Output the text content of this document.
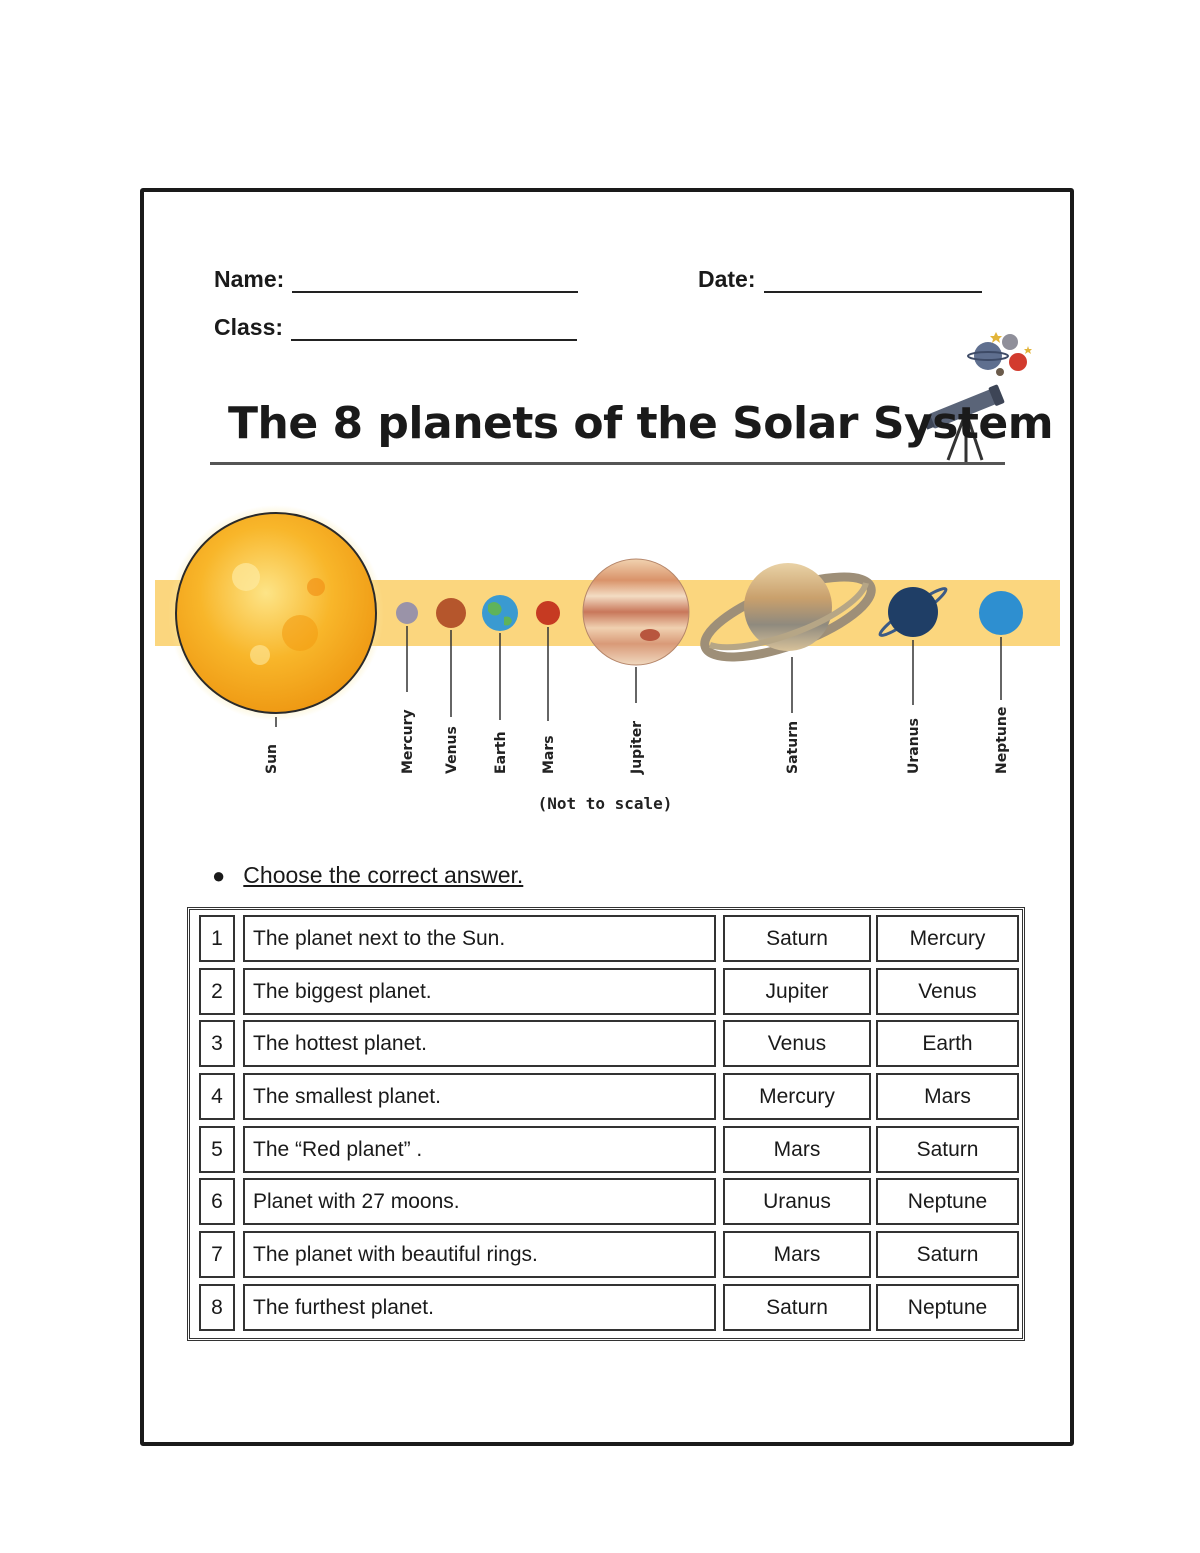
Name:	Date:
Class:
The 8 planets of the Solar System
Sun	Mercury Venus Earth Mars	Jupiter	Saturn	Uranus	Neptune
(Not to scale)
● Choose the correct answer.
1	The planet next to the Sun.	Saturn	Mercury
2	The biggest planet.	Jupiter	Venus
3	The hottest planet.	Venus	Earth
4	The smallest planet.	Mercury	Mars
5	The “Red planet” .	Mars	Saturn
6	Planet with 27 moons.	Uranus	Neptune
7	The planet with beautiful rings.	Mars	Saturn
8	The furthest planet.	Saturn	Neptune
